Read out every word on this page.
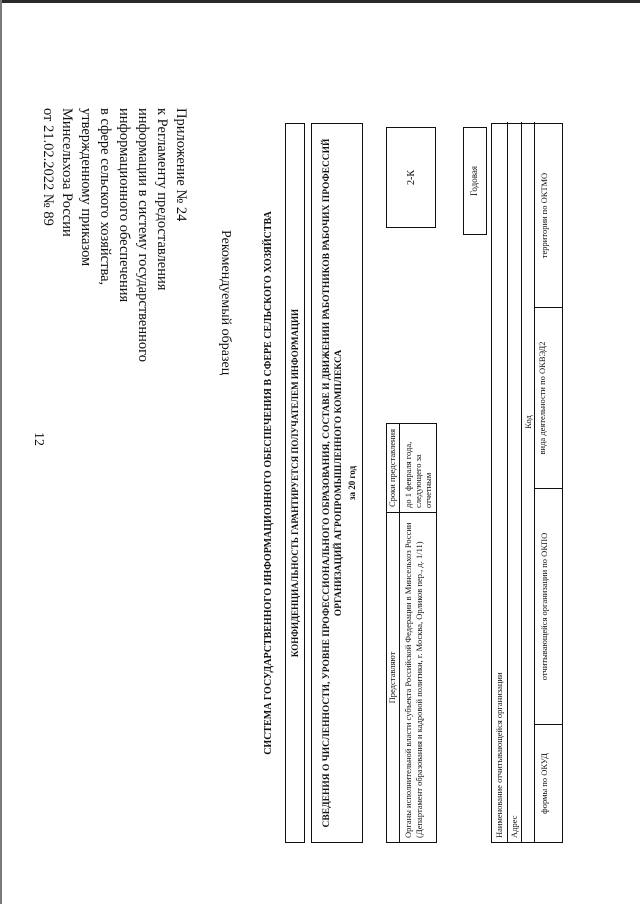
12
Приложение № 24
к Регламенту предоставления
информации в систему государственного
информационного обеспечения
в сфере сельского хозяйства,
утвержденному приказом
Минсельхоза России
от 21.02.2022 № 89
Рекомендуемый образец	СИСТЕМА ГОСУДАРСТВЕННОГО ИНФОРМАЦИОННОГО ОБЕСПЕЧЕНИЯ В СФЕРЕ СЕЛЬСКОГО ХОЗЯЙСТВА КОНФИДЕНЦИАЛЬНОСТЬ ГАРАНТИРУЕТСЯ ПОЛУЧАТЕЛЕМ ИНФОРМАЦИИ СВЕДЕНИЯ О ЧИСЛЕННОСТИ, УРОВНЕ ПРОФЕССИОНАЛЬНОГО ОБРАЗОВАНИЯ, СОСТАВЕ И ДВИЖЕНИИ РАБОТНИКОВ РАБОЧИХ ПРОФЕССИЙ ОРГАНИЗАЦИЙ АГРОПРОМЫШЛЕННОГО КОМПЛЕКСА за 20 год
Представляют
Сроки представления
Органы исполнительной власти субъекта Российской Федерации в Минсельхоз России (Департамент образования и кадровой политики, г. Москва, Орликов пер., д. 1/11)
до 1 февраля года, следующего за отчетным
2-К	Годовая
Наименование отчитывающейся организации Адрес
Код
формы по ОКУД
отчитывающейся организации по ОКПО
вида деятельности по ОКВЭД2
территории по ОКТМО
